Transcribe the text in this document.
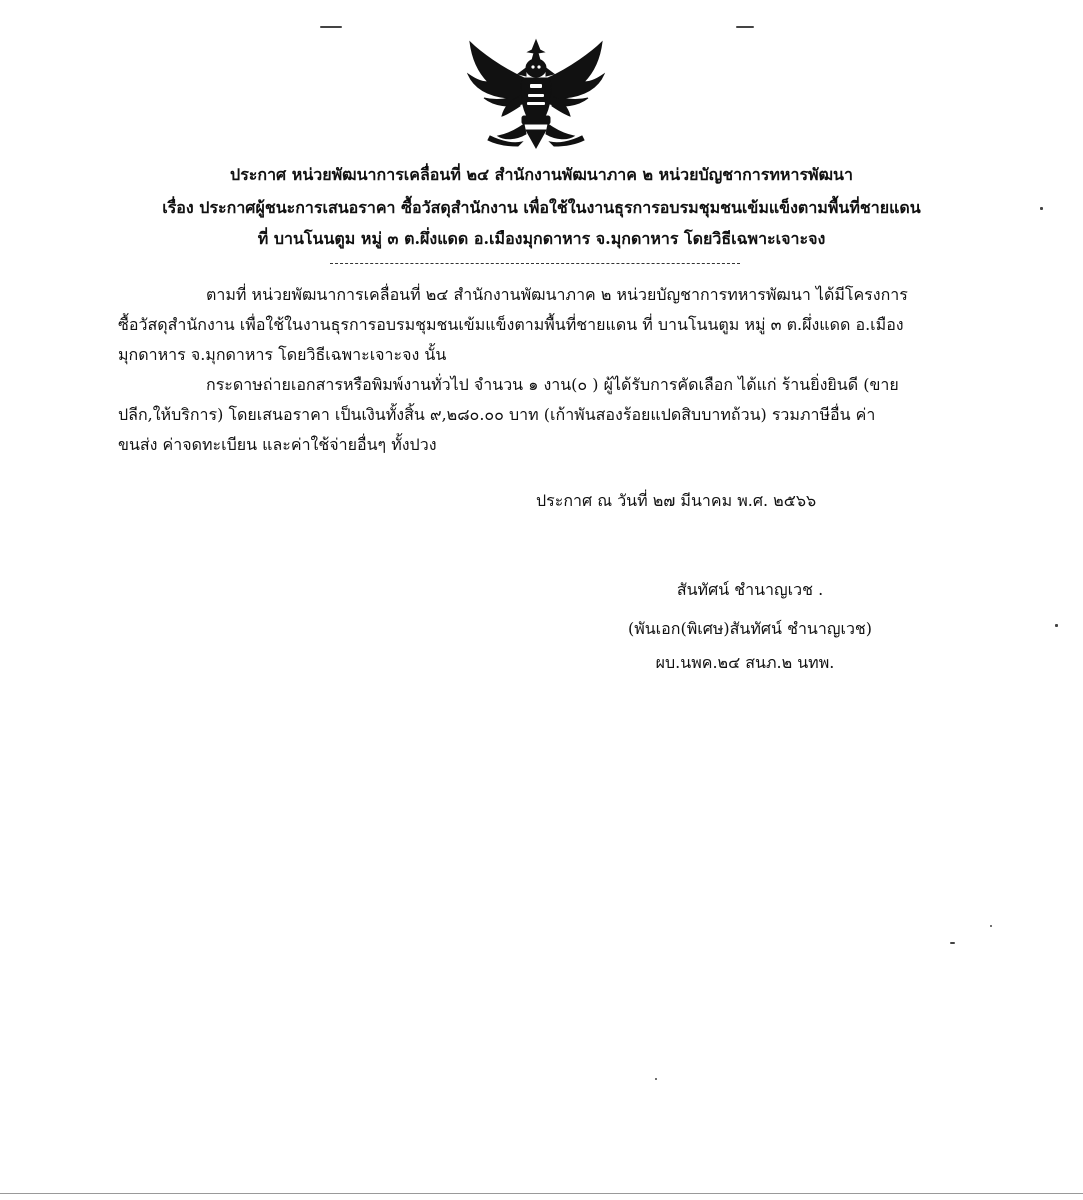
ประกาศ หน่วยพัฒนาการเคลื่อนที่ ๒๔ สำนักงานพัฒนาภาค ๒ หน่วยบัญชาการทหารพัฒนา
เรื่อง ประกาศผู้ชนะการเสนอราคา ซื้อวัสดุสำนักงาน เพื่อใช้ในงานธุรการอบรมชุมชนเข้มแข็งตามพื้นที่ชายแดน
ที่ บานโนนตูม หมู่ ๓ ต.ผึ่งแดด อ.เมืองมุกดาหาร จ.มุกดาหาร โดยวิธีเฉพาะเจาะจง
ตามที่ หน่วยพัฒนาการเคลื่อนที่ ๒๔ สำนักงานพัฒนาภาค ๒ หน่วยบัญชาการทหารพัฒนา ได้มีโครงการ
ซื้อวัสดุสำนักงาน เพื่อใช้ในงานธุรการอบรมชุมชนเข้มแข็งตามพื้นที่ชายแดน ที่ บานโนนตูม หมู่ ๓ ต.ผึ่งแดด อ.เมือง
มุกดาหาร จ.มุกดาหาร โดยวิธีเฉพาะเจาะจง นั้น
กระดาษถ่ายเอกสารหรือพิมพ์งานทั่วไป จำนวน ๑ งาน(๐ ) ผู้ได้รับการคัดเลือก ได้แก่ ร้านยิ่งยินดี (ขาย
ปลีก,ให้บริการ) โดยเสนอราคา เป็นเงินทั้งสิ้น ๙,๒๘๐.๐๐ บาท (เก้าพันสองร้อยแปดสิบบาทถ้วน) รวมภาษีอื่น ค่า
ขนส่ง ค่าจดทะเบียน และค่าใช้จ่ายอื่นๆ ทั้งปวง
ประกาศ ณ วันที่ ๒๗ มีนาคม พ.ศ. ๒๕๖๖
สันทัศน์ ชำนาญเวช .
(พันเอก(พิเศษ)สันทัศน์ ชำนาญเวช)
ผบ.นพค.๒๔ สนภ.๒ นทพ.
